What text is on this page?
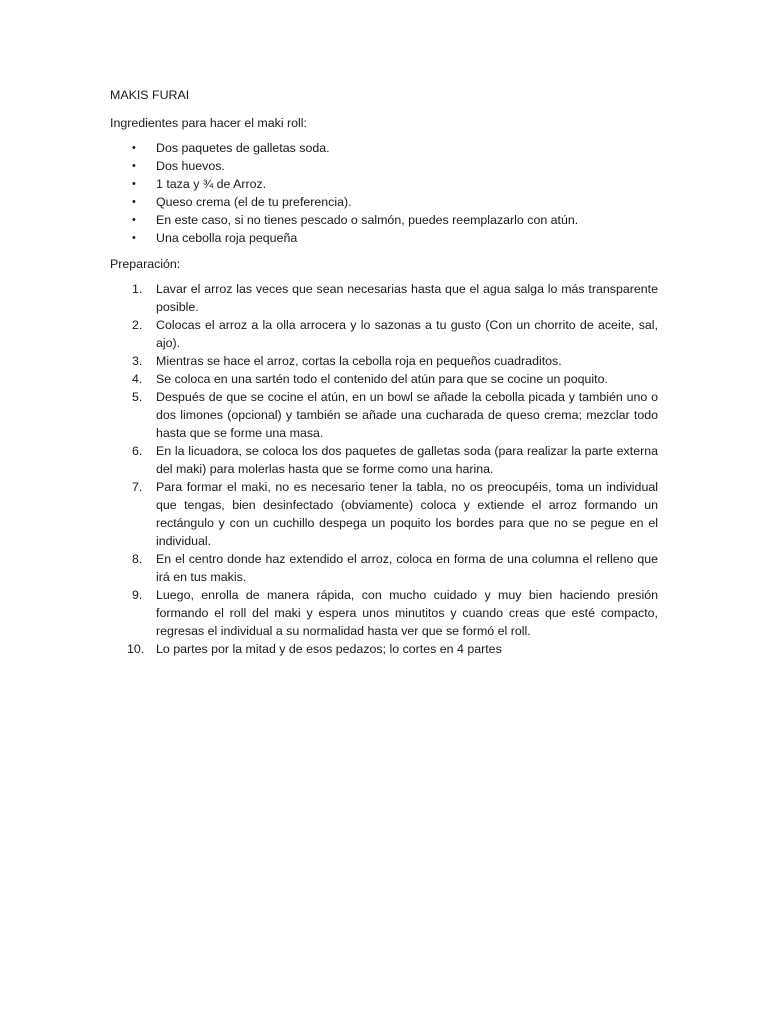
MAKIS FURAI

Ingredientes para hacer el maki roll:

• Dos paquetes de galletas soda.
• Dos huevos.
• 1 taza y ¾ de Arroz.
• Queso crema (el de tu preferencia).
• En este caso, si no tienes pescado o salmón, puedes reemplazarlo con atún.
• Una cebolla roja pequeña

Preparación:

1.	Lavar el arroz las veces que sean necesarias hasta que el agua salga lo más transparente posible.
2.	Colocas el arroz a la olla arrocera y lo sazonas a tu gusto (Con un chorrito de aceite, sal, ajo).
3.	Mientras se hace el arroz, cortas la cebolla roja en pequeños cuadraditos.
4.	Se coloca en una sartén todo el contenido del atún para que se cocine un poquito.
5.	Después de que se cocine el atún, en un bowl se añade la cebolla picada y también uno o dos limones (opcional) y también se añade una cucharada de queso crema; mezclar todo hasta que se forme una masa.
6.	En la licuadora, se coloca los dos paquetes de galletas soda (para realizar la parte externa del maki) para molerlas hasta que se forme como una harina.
7.	Para formar el maki, no es necesario tener la tabla, no os preocupéis, toma un individual que tengas, bien desinfectado (obviamente) coloca y extiende el arroz formando un rectángulo y con un cuchillo despega un poquito los bordes para que no se pegue en el individual.
8.	En el centro donde haz extendido el arroz, coloca en forma de una columna el relleno que irá en tus makis.
9.	Luego, enrolla de manera rápida, con mucho cuidado y muy bien haciendo presión formando el roll del maki y espera unos minutitos y cuando creas que esté compacto, regresas el individual a su normalidad hasta ver que se formó el roll.
10. Lo partes por la mitad y de esos pedazos; lo cortes en 4 partes
